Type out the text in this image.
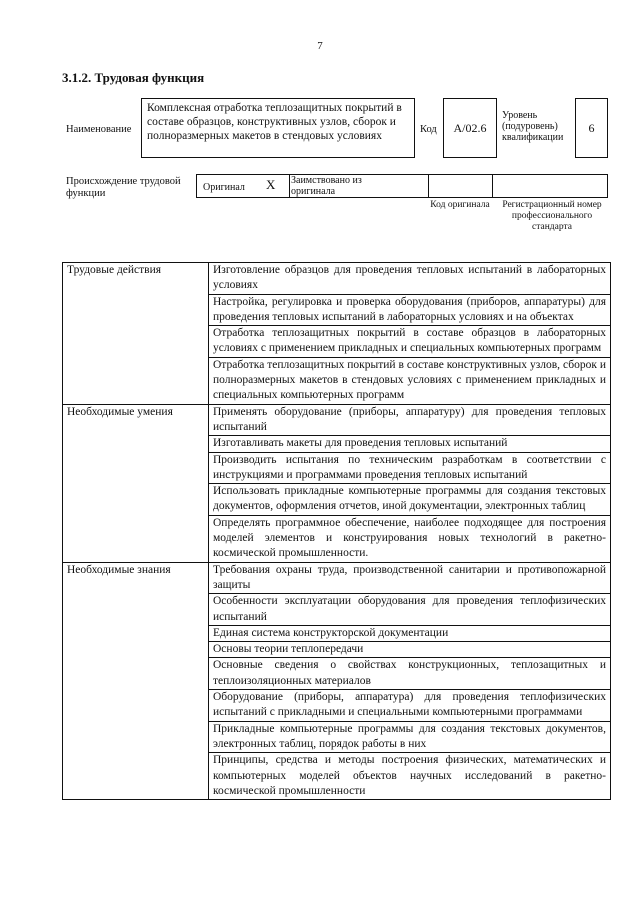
7
3.1.2. Трудовая функция
Наименование
Комплексная отработка теплозащитных покрытий в составе образцов, конструктивных узлов, сборок и полноразмерных макетов в стендовых условиях
Код A/02.6
Уровень (подуровень) квалификации
6
Происхождение трудовой функции
Оригинал X Заимствовано из оригинала
Код оригинала	Регистрационный номер профессионального стандарта
Трудовые действия	Изготовление образцов для проведения тепловых испытаний в лабораторных условиях
	Настройка, регулировка и проверка оборудования (приборов, аппаратуры) для проведения тепловых испытаний в лабораторных условиях и на объектах
	Отработка теплозащитных покрытий в составе образцов в лабораторных условиях с применением прикладных и специальных компьютерных программ
	Отработка теплозащитных покрытий в составе конструктивных узлов, сборок и полноразмерных макетов в стендовых условиях с применением прикладных и специальных компьютерных программ
Необходимые умения	Применять оборудование (приборы, аппаратуру) для проведения тепловых испытаний
	Изготавливать макеты для проведения тепловых испытаний
	Производить испытания по техническим разработкам в соответствии с инструкциями и программами проведения тепловых испытаний
	Использовать прикладные компьютерные программы для создания текстовых документов, оформления отчетов, иной документации, электронных таблиц
	Определять программное обеспечение, наиболее подходящее для построения моделей элементов и конструирования новых технологий в ракетно-космической промышленности.
Необходимые знания	Требования охраны труда, производственной санитарии и противопожарной защиты
	Особенности эксплуатации оборудования для проведения теплофизических испытаний
	Единая система конструкторской документации
	Основы теории теплопередачи
	Основные сведения о свойствах конструкционных, теплозащитных и теплоизоляционных материалов
	Оборудование (приборы, аппаратура) для проведения теплофизических испытаний с прикладными и специальными компьютерными программами
	Прикладные компьютерные программы для создания текстовых документов, электронных таблиц, порядок работы в них
	Принципы, средства и методы построения физических, математических и компьютерных моделей объектов научных исследований в ракетно-космической промышленности
